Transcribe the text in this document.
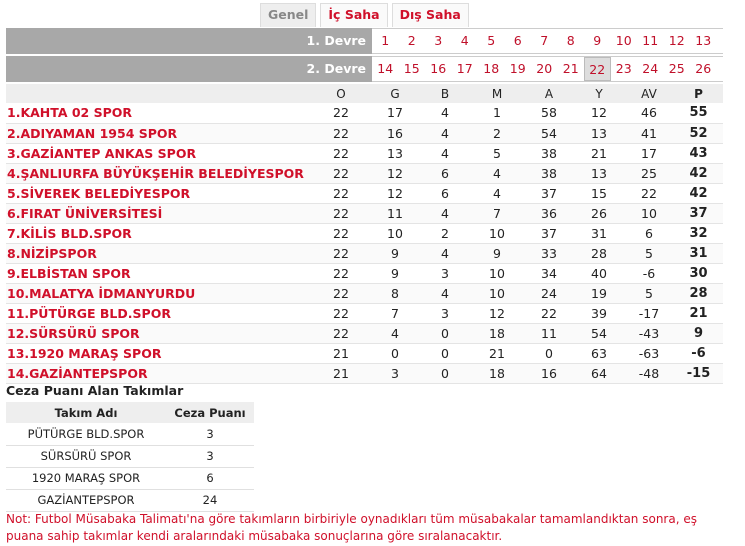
Genel	İç Saha	Dış Saha
1. Devre	1	2	3	4	5	6	7	8	9	10 11 12 13
2. Devre 14 15 16 17 18 19 20 21 22 23 24 25 26
	O	G	B	M	A	Y	AV	P
1.KAHTA 02 SPOR	22	17	4	1	58	12	46	55
2.ADIYAMAN 1954 SPOR	22	16	4	2	54	13	41	52
3.GAZİANTEP ANKAS SPOR	22	13	4	5	38	21	17	43
4.ŞANLIURFA BÜYÜKŞEHİR BELEDİYESPOR	22	12	6	4	38	13	25	42
5.SİVEREK BELEDİYESPOR	22	12	6	4	37	15	22	42
6.FIRAT ÜNİVERSİTESİ	22	11	4	7	36	26	10	37
7.KİLİS BLD.SPOR	22	10	2	10	37	31	6	32
8.NİZİPSPOR	22	9	4	9	33	28	5	31
9.ELBİSTAN SPOR	22	9	3	10	34	40	-6	30
10.MALATYA İDMANYURDU	22	8	4	10	24	19	5	28
11.PÜTÜRGE BLD.SPOR	22	7	3	12	22	39	-17	21
12.SÜRSÜRÜ SPOR	22	4	0	18	11	54	-43	9
13.1920 MARAŞ SPOR	21	0	0	21	0	63	-63	-6
14.GAZİANTEPSPOR	21	3	0	18	16	64	-48	-15
Ceza Puanı Alan Takımlar
Takım Adı	Ceza Puanı
PÜTÜRGE BLD.SPOR	3
SÜRSÜRÜ SPOR	3
1920 MARAŞ SPOR	6
GAZİANTEPSPOR	24
Not: Futbol Müsabaka Talimatı'na göre takımların birbiriyle oynadıkları tüm müsabakalar tamamlandıktan sonra, eş puana sahip takımlar kendi aralarındaki müsabaka sonuçlarına göre sıralanacaktır.
